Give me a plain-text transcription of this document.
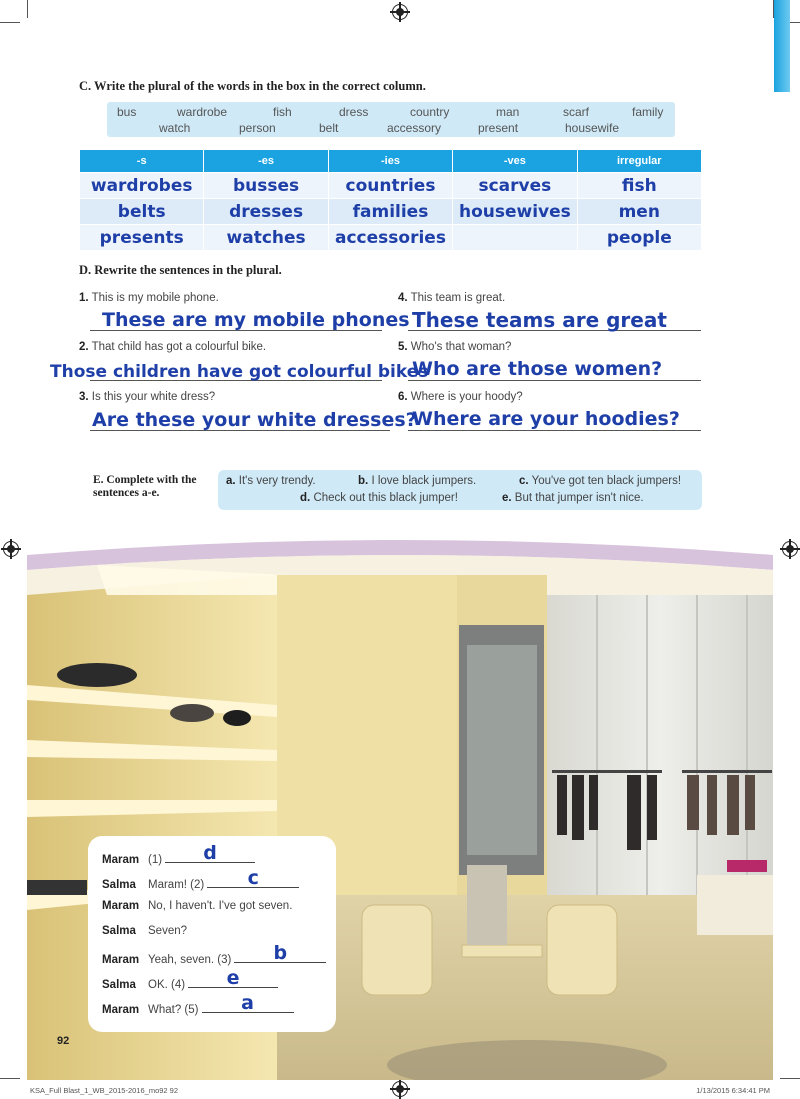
C. Write the plural of the words in the box in the correct column.
bus	wardrobe	fish	dress	country	man	scarf	family
watch	person	belt	accessory	present	housewife
-s	-es	-ies	-ves	irregular
wardrobes	busses	countries	scarves	fish
belts	dresses	families	housewives	men
presents	watches	accessories		people
D. Rewrite the sentences in the plural.
1. This is my mobile phone.
These are my mobile phones
2. That child has got a colourful bike.
Those children have got colourful bikes
3. Is this your white dress?
Are these your white dresses?
4. This team is great.
These teams are great
5. Who's that woman?
Who are those women?
6. Where is your hoody?
Where are your hoodies?
E. Complete with the
sentences a-e.
a. It's very trendy.	b. I love black jumpers.	c. You've got ten black jumpers!
d. Check out this black jumper!	e. But that jumper isn't nice.
92
Maram (1)	d
Salma Maram! (2)	c
Maram No, I haven't. I've got seven.
Salma Seven?
Maram Yeah, seven. (3)	b
Salma OK. (4)	e
Maram What? (5)	a
KSA_Full Blast_1_WB_2015-2016_mo92 92	1/13/2015 6:34:41 PM
